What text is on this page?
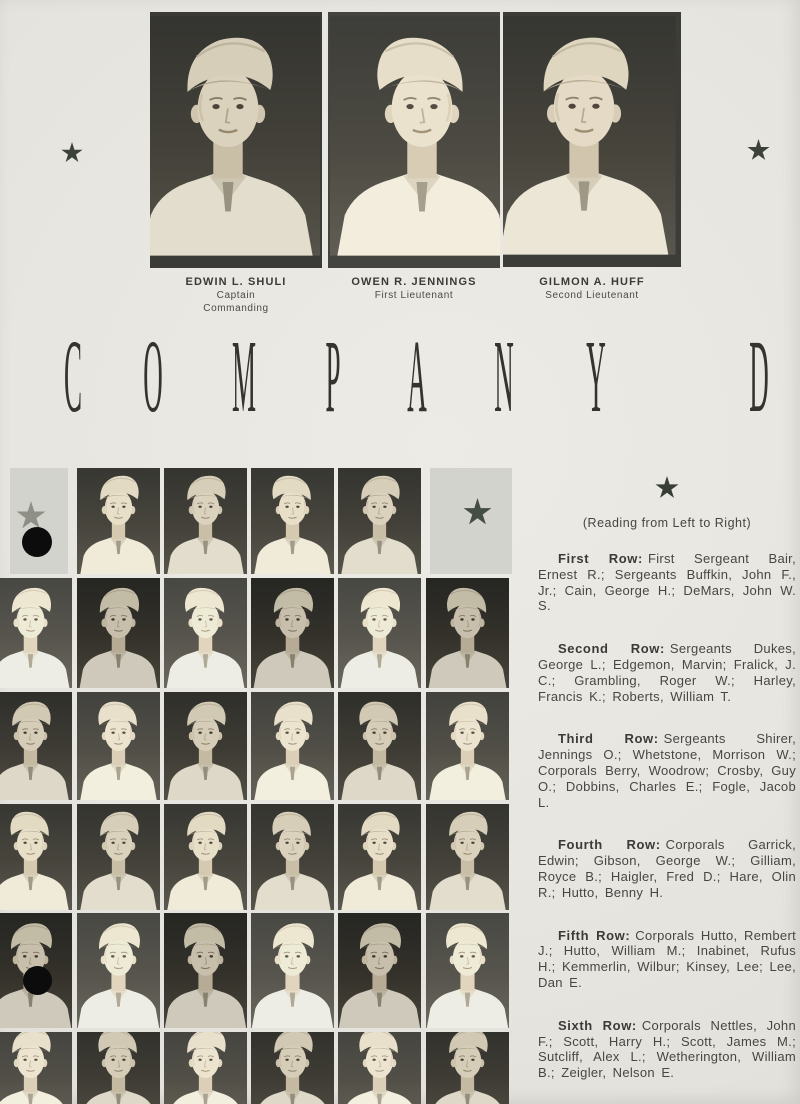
EDWIN L. SHULI
Captain
Commanding
OWEN R. JENNINGS
First Lieutenant
GILMON A. HUFF
Second Lieutenant
C O M P A N Y D
(Reading from Left to Right)

First Row: First Sergeant Bair, Ernest R.; Sergeants Buffkin, John F., Jr.; Cain, George H.; DeMars, John W. S.

Second Row: Sergeants Dukes, George L.; Edgemon, Marvin; Fralick, J. C.; Grambling, Roger W.; Harley, Francis K.; Roberts, William T.

Third Row: Sergeants Shirer, Jennings O.; Whetstone, Morrison W.; Corporals Berry, Woodrow; Crosby, Guy O.; Dobbins, Charles E.; Fogle, Jacob L.

Fourth Row: Corporals Garrick, Edwin; Gibson, George W.; Gilliam, Royce B.; Haigler, Fred D.; Hare, Olin R.; Hutto, Benny H.

Fifth Row: Corporals Hutto, Rembert J.; Hutto, William M.; Inabinet, Rufus H.; Kemmerlin, Wilbur; Kinsey, Lee; Lee, Dan E.

Sixth Row: Corporals Nettles, John F.; Scott, Harry H.; Scott, James M.; Sutcliff, Alex L.; Wetherington, William B.; Zeigler, Nelson E.
